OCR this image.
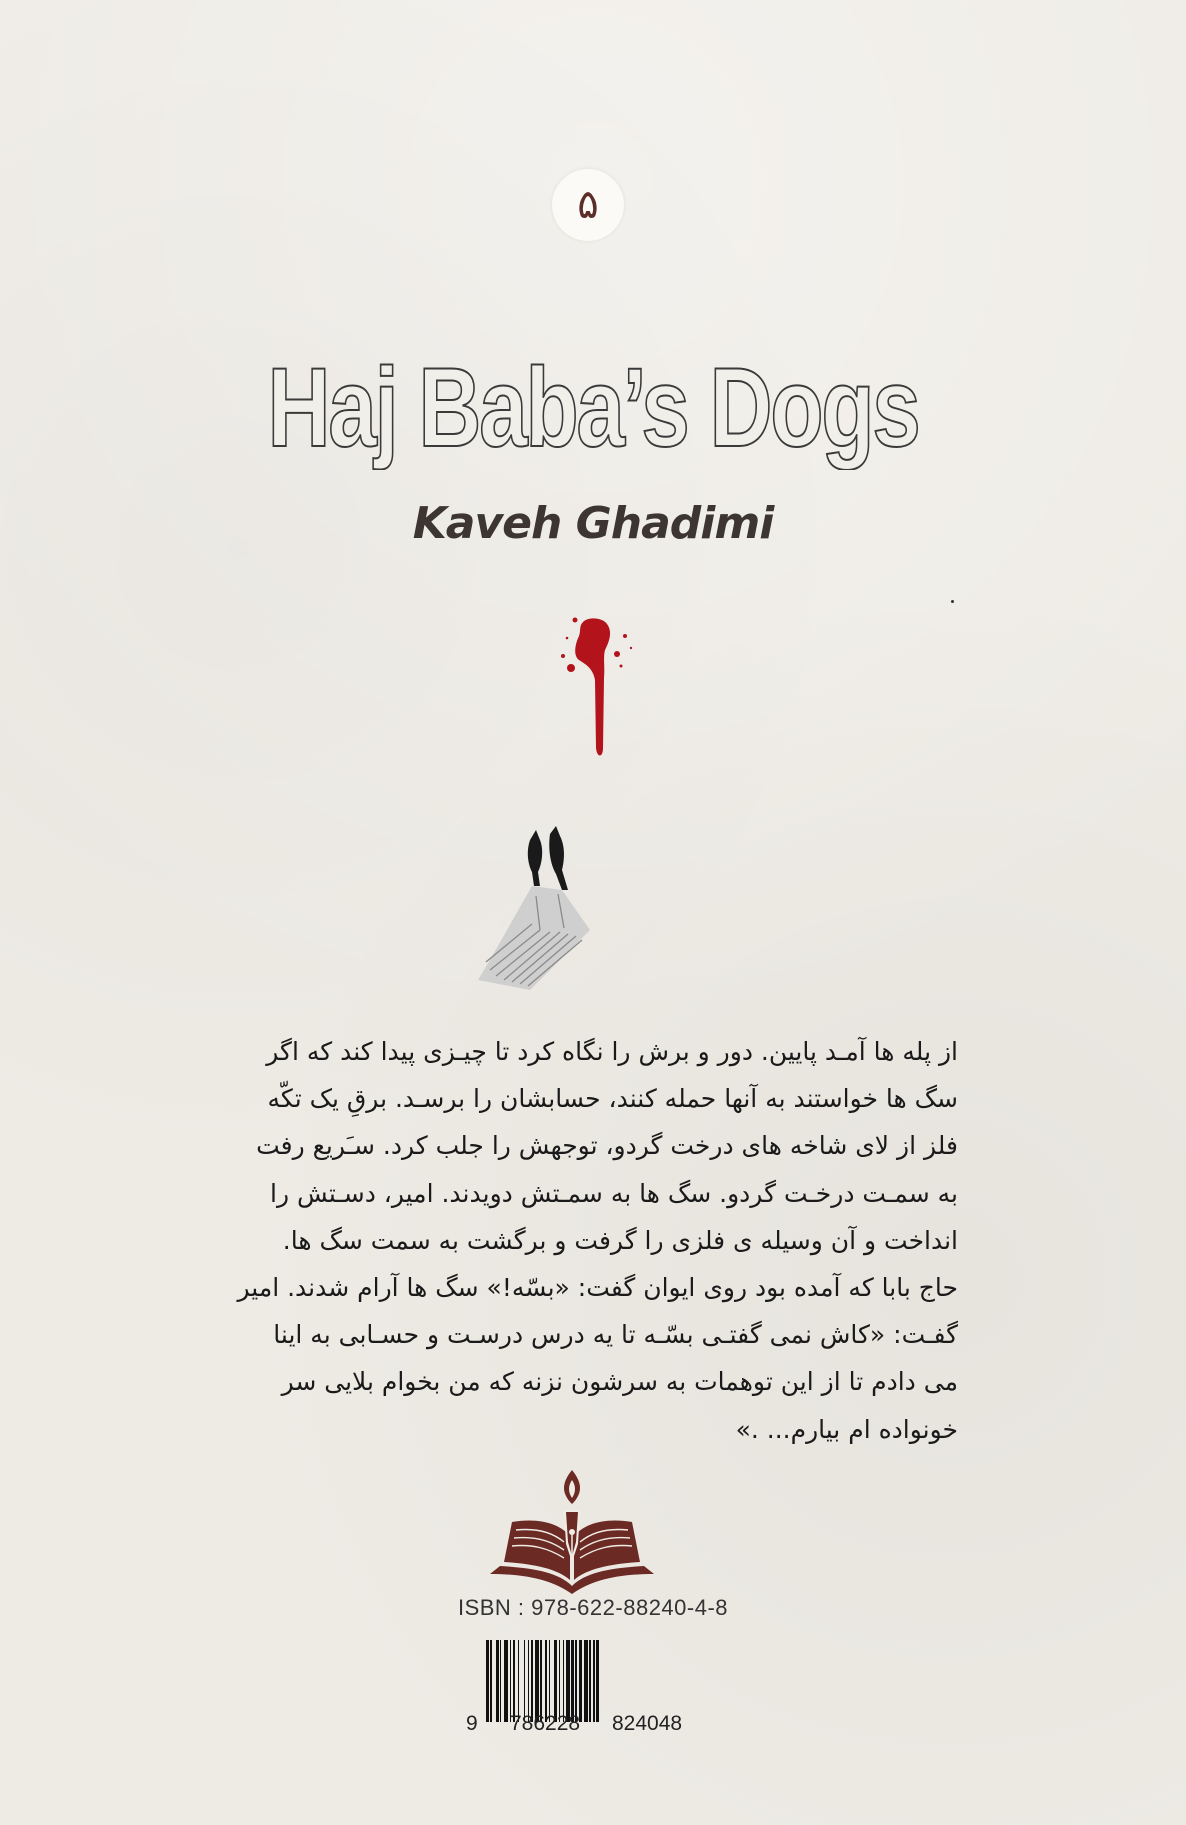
۵
Haj Baba’s Dogs
Kaveh Ghadimi

از پله ها آمـد پایین. دور و برش را نگاه کرد تا چیـزی پیدا کند که اگر

سگ ها خواستند به آنها حمله کنند، حسابشان را برسـد. برقِ یک تکّه

فلز از لای شاخه های درخت گردو، توجهش را جلب کرد. سـَریع رفت

به سمـت درخـت گردو. سگ ها به سمـتش دویدند. امیر، دسـتش را

انداخت و آن وسیله ی فلزی را گرفت و برگشت به سمت سگ ها.

حاج بابا که آمده بود روی ایوان گفت: «بسّه!» سگ ها آرام شدند. امیر

گفـت: «کاش نمی گفتـی بسّـه تا یه درس درسـت و حسـابی به اینا

می دادم تا از این توهمات به سرشون نزنه که من بخوام بلایی سر

خونواده ام بیارم... .»

ISBN : 978-622-88240-4-8
9 786228 824048
